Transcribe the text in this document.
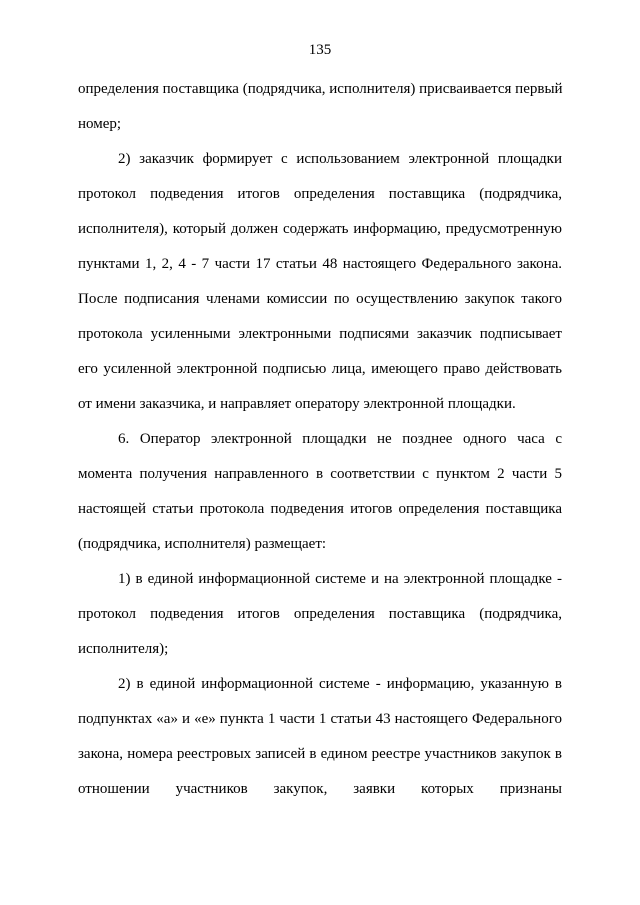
135
определения поставщика (подрядчика, исполнителя) присваивается первый
номер;
2) заказчик формирует с использованием электронной площадки
протокол подведения итогов определения поставщика (подрядчика,
исполнителя), который должен содержать информацию, предусмотренную
пунктами 1, 2, 4 - 7 части 17 статьи 48 настоящего Федерального закона.
После подписания членами комиссии по осуществлению закупок такого
протокола усиленными электронными подписями заказчик подписывает
его усиленной электронной подписью лица, имеющего право действовать
от имени заказчика, и направляет оператору электронной площадки.
6. Оператор электронной площадки не позднее одного часа с
момента получения направленного в соответствии с пунктом 2 части 5
настоящей статьи протокола подведения итогов определения поставщика
(подрядчика, исполнителя) размещает:
1) в единой информационной системе и на электронной площадке -
протокол подведения итогов определения поставщика (подрядчика,
исполнителя);
2) в единой информационной системе - информацию, указанную в
подпунктах «а» и «е» пункта 1 части 1 статьи 43 настоящего Федерального
закона, номера реестровых записей в едином реестре участников закупок в
отношении участников закупок, заявки которых признаны
